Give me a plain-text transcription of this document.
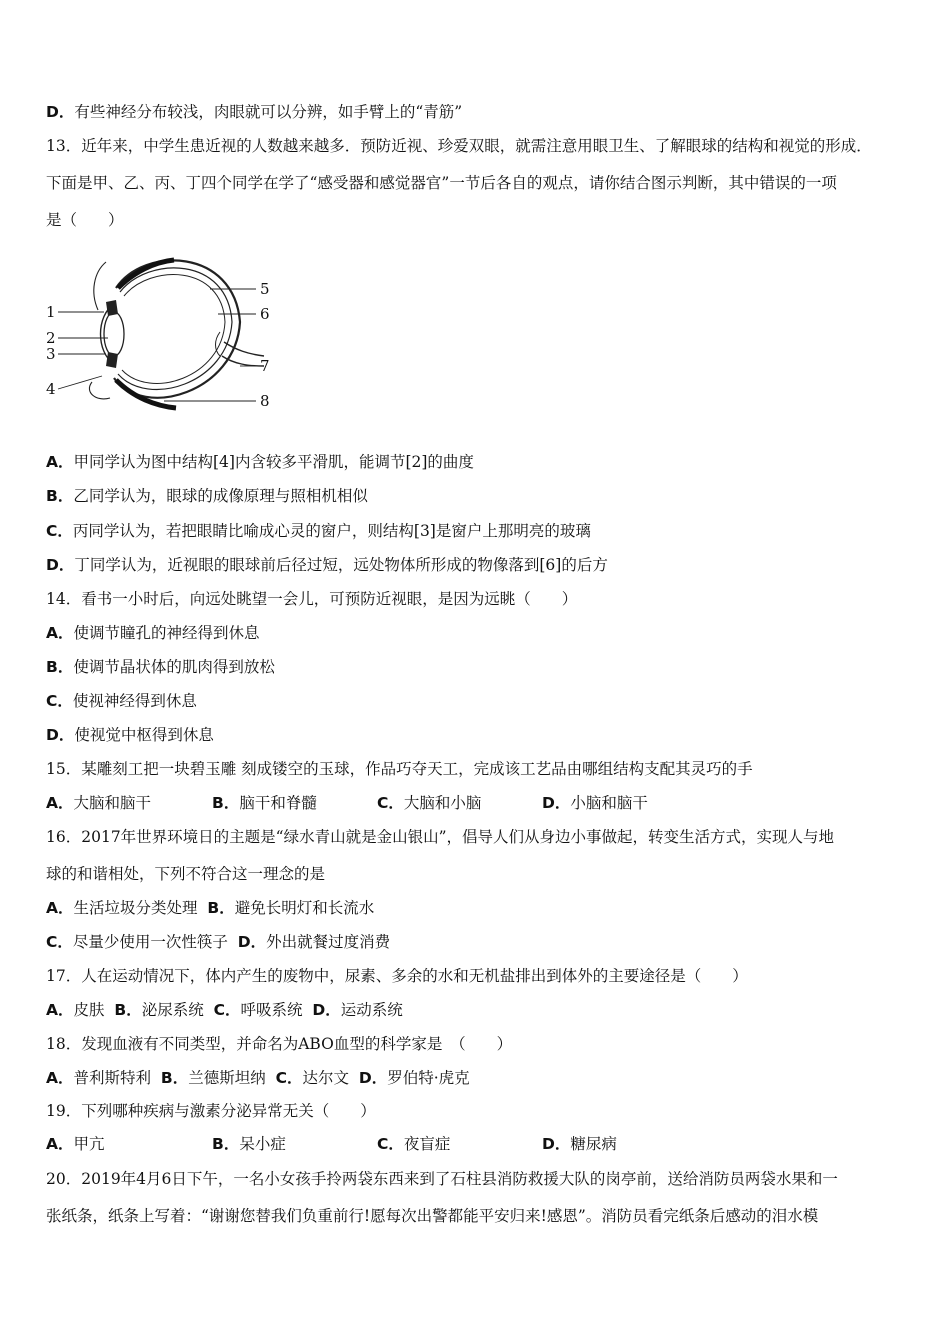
D．有些神经分布较浅，肉眼就可以分辨，如手臂上的“青筋”
13．近年来，中学生患近视的人数越来越多．预防近视、珍爱双眼，就需注意用眼卫生、了解眼球的结构和视觉的形成．
下面是甲、乙、丙、丁四个同学在学了“感受器和感觉器官”一节后各自的观点，请你结合图示判断，其中错误的一项
是（　　）
1
2
3
4
5
6
7
8
A．甲同学认为图中结构[4]内含较多平滑肌，能调节[2]的曲度
B．乙同学认为，眼球的成像原理与照相机相似
C．丙同学认为，若把眼睛比喻成心灵的窗户，则结构[3]是窗户上那明亮的玻璃
D．丁同学认为，近视眼的眼球前后径过短，远处物体所形成的物像落到[6]的后方
14．看书一小时后，向远处眺望一会儿，可预防近视眼，是因为远眺（　　）
A．使调节瞳孔的神经得到休息
B．使调节晶状体的肌肉得到放松
C．使视神经得到休息
D．使视觉中枢得到休息
15．某雕刻工把一块碧玉雕 刻成镂空的玉球，作品巧夺天工，完成该工艺品由哪组结构支配其灵巧的手
A．大脑和脑干	B．脑干和脊髓	C．大脑和小脑	D．小脑和脑干
16．2017年世界环境日的主题是“绿水青山就是金山银山”，倡导人们从身边小事做起，转变生活方式，实现人与地
球的和谐相处，下列不符合这一理念的是
A．生活垃圾分类处理 B．避免长明灯和长流水
C．尽量少使用一次性筷子 D．外出就餐过度消费
17．人在运动情况下，体内产生的废物中，尿素、多余的水和无机盐排出到体外的主要途径是（　　）
A．皮肤 B．泌尿系统 C．呼吸系统 D．运动系统
18．发现血液有不同类型，并命名为ABO血型的科学家是　（　　）
A．普利斯特利 B．兰德斯坦纳 C．达尔文 D．罗伯特·虎克
19．下列哪种疾病与激素分泌异常无关（　　）
A．甲亢	B．呆小症	C．夜盲症	D．糖尿病
20．2019年4月6日下午，一名小女孩手拎两袋东西来到了石柱县消防救援大队的岗亭前，送给消防员两袋水果和一
张纸条，纸条上写着：“谢谢您替我们负重前行!愿每次出警都能平安归来!感恩”。消防员看完纸条后感动的泪水模
